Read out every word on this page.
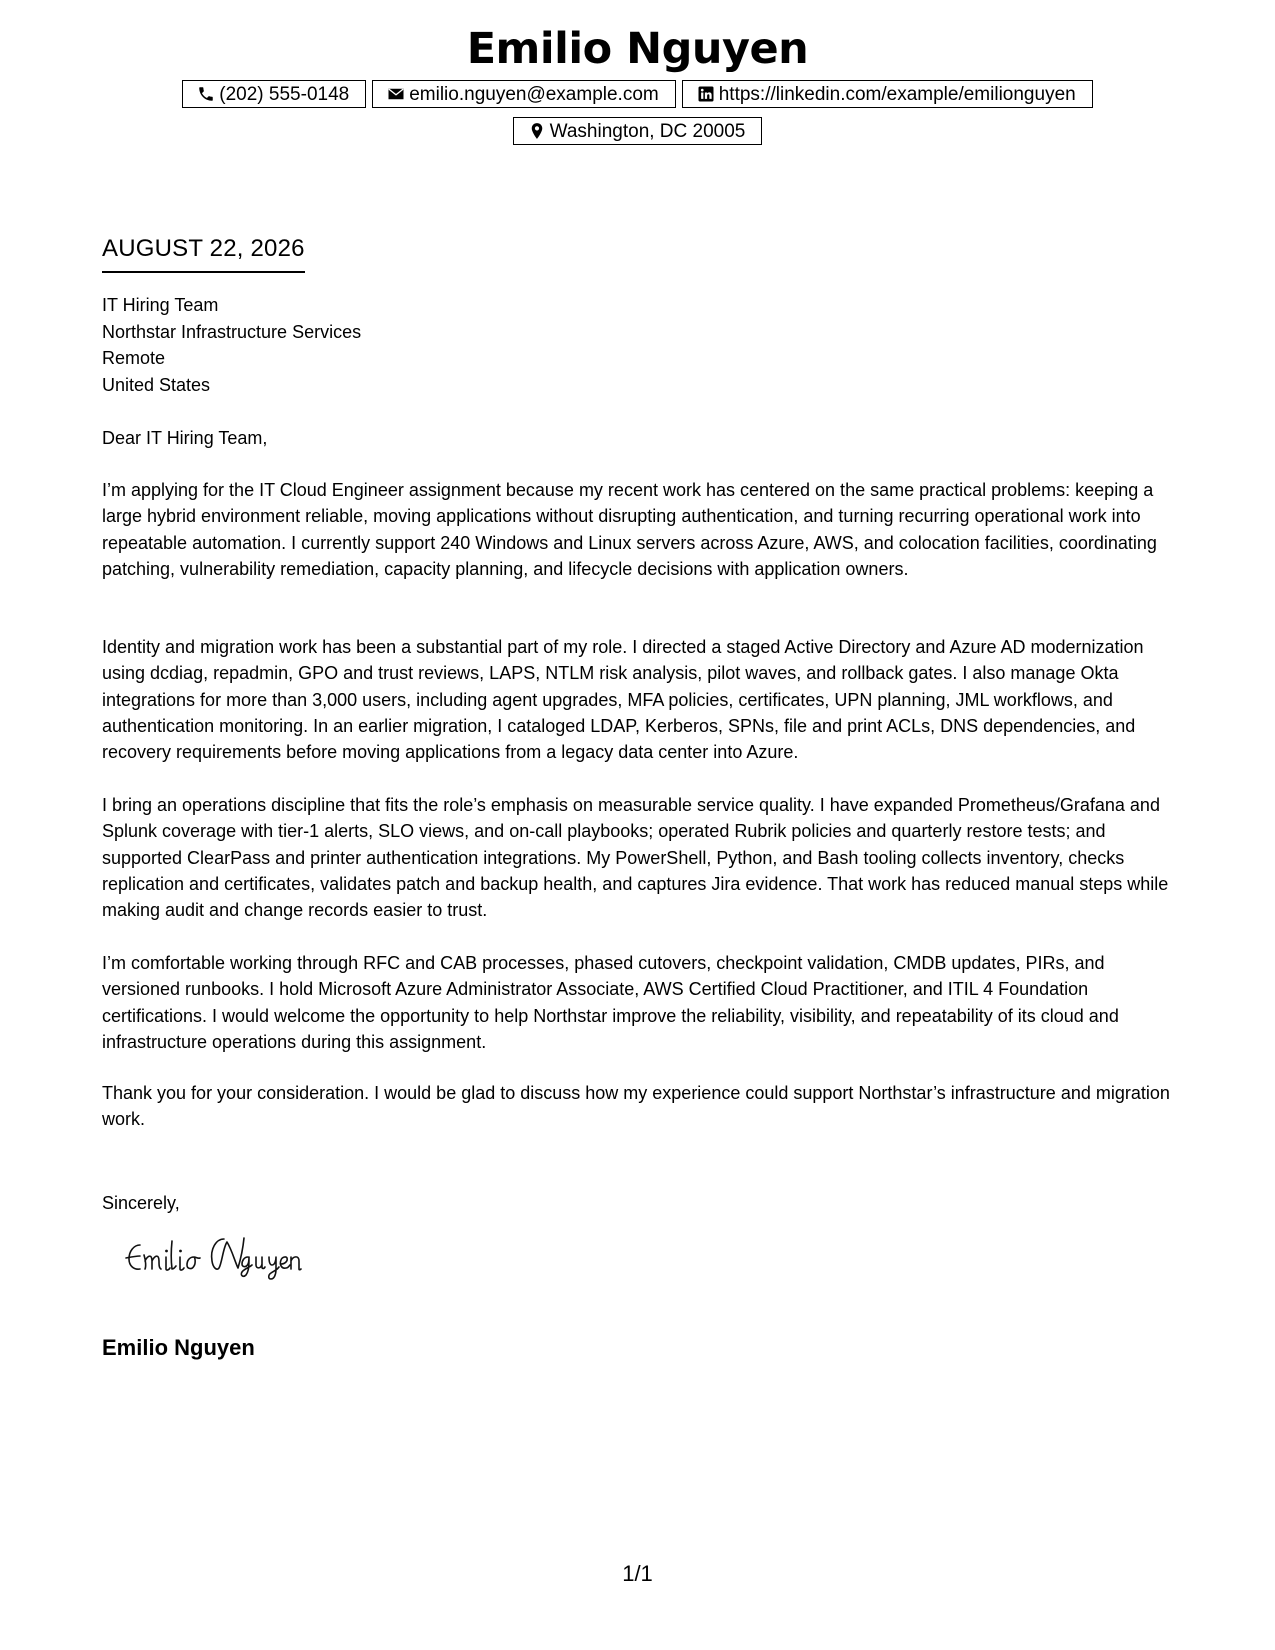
Emilio Nguyen
(202) 555-0148	emilio.nguyen@example.com	https://linkedin.com/example/emilionguyen
Washington, DC 20005
AUGUST 22, 2026
IT Hiring Team
Northstar Infrastructure Services
Remote
United States
Dear IT Hiring Team,

I’m applying for the IT Cloud Engineer assignment because my recent work has centered on the same practical problems: keeping a large hybrid environment reliable, moving applications without disrupting authentication, and turning recurring operational work into repeatable automation. I currently support 240 Windows and Linux servers across Azure, AWS, and colocation facilities, coordinating patching, vulnerability remediation, capacity planning, and lifecycle decisions with application owners.

Identity and migration work has been a substantial part of my role. I directed a staged Active Directory and Azure AD modernization using dcdiag, repadmin, GPO and trust reviews, LAPS, NTLM risk analysis, pilot waves, and rollback gates. I also manage Okta integrations for more than 3,000 users, including agent upgrades, MFA policies, certificates, UPN planning, JML workflows, and authentication monitoring. In an earlier migration, I cataloged LDAP, Kerberos, SPNs, file and print ACLs, DNS dependencies, and recovery requirements before moving applications from a legacy data center into Azure.

I bring an operations discipline that fits the role’s emphasis on measurable service quality. I have expanded Prometheus/Grafana and Splunk coverage with tier-1 alerts, SLO views, and on-call playbooks; operated Rubrik policies and quarterly restore tests; and supported ClearPass and printer authentication integrations. My PowerShell, Python, and Bash tooling collects inventory, checks replication and certificates, validates patch and backup health, and captures Jira evidence. That work has reduced manual steps while making audit and change records easier to trust.

I’m comfortable working through RFC and CAB processes, phased cutovers, checkpoint validation, CMDB updates, PIRs, and versioned runbooks. I hold Microsoft Azure Administrator Associate, AWS Certified Cloud Practitioner, and ITIL 4 Foundation certifications. I would welcome the opportunity to help Northstar improve the reliability, visibility, and repeatability of its cloud and infrastructure operations during this assignment.

Thank you for your consideration. I would be glad to discuss how my experience could support Northstar’s infrastructure and migration work.

Sincerely,
Emilio Nguyen
1/1
